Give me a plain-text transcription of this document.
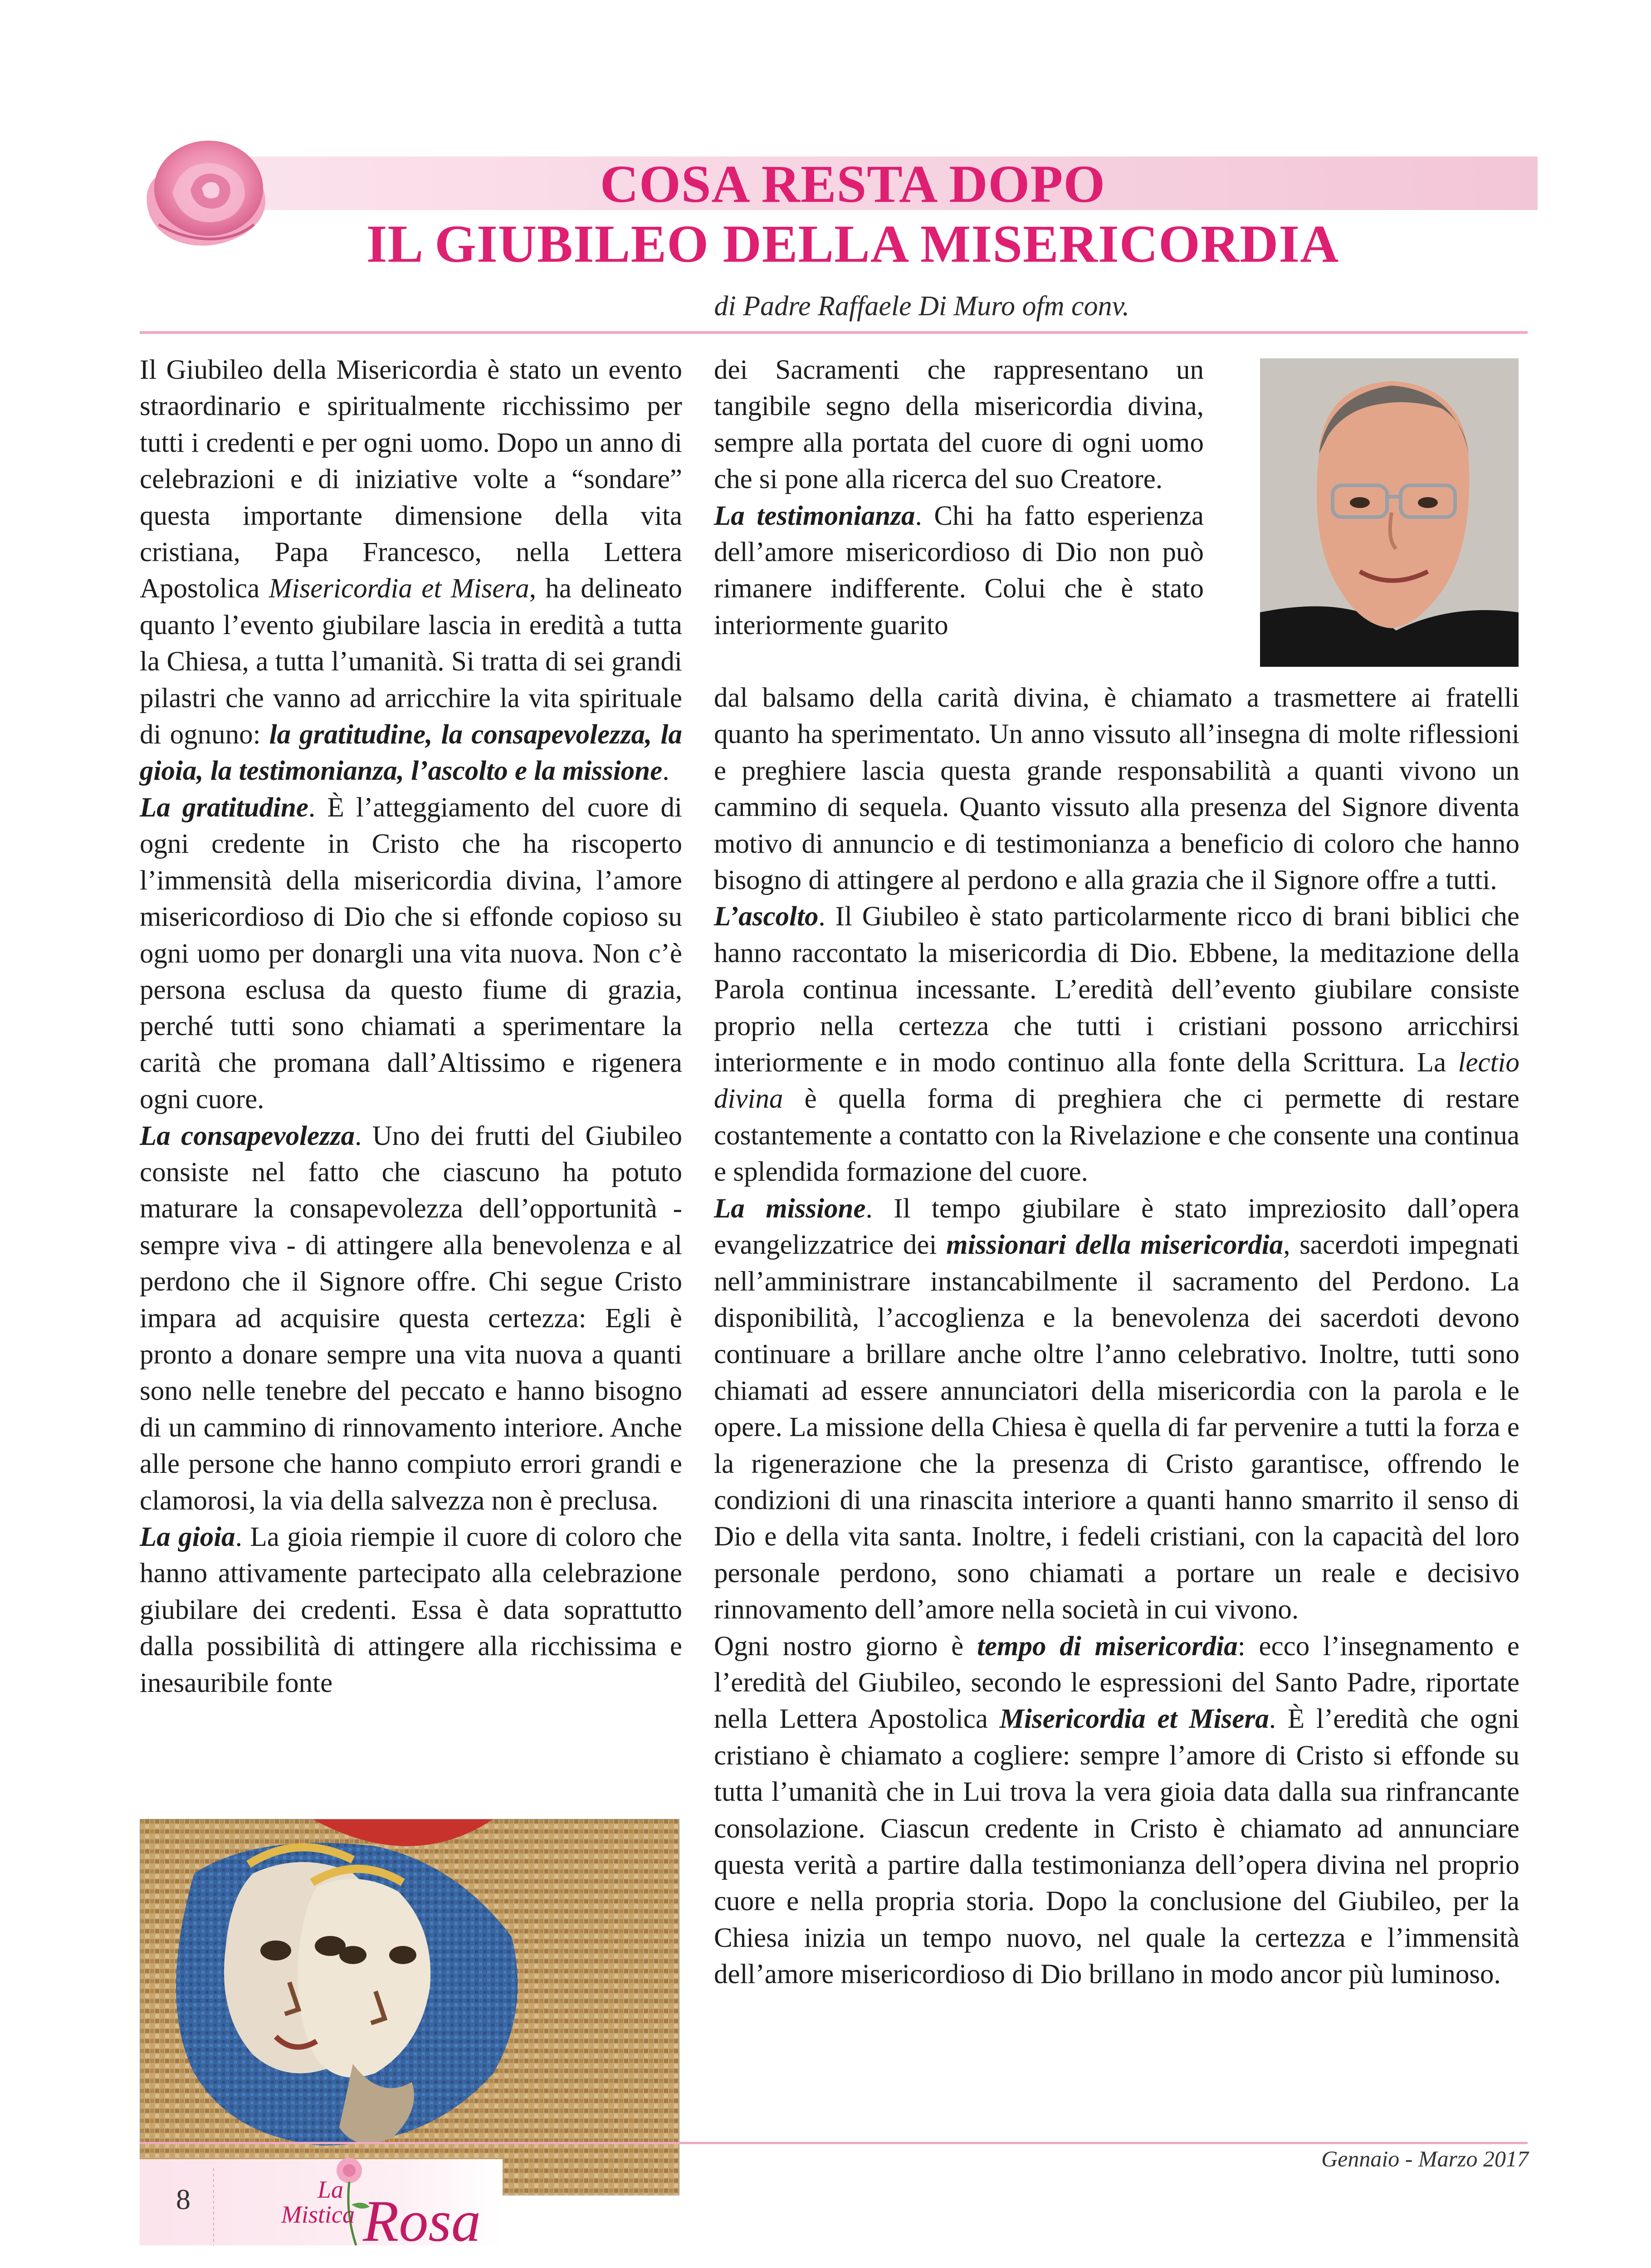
COSA RESTA DOPO
IL GIUBILEO DELLA MISERICORDIA
di Padre Raffaele Di Muro ofm conv.

Il Giubileo della Misericordia è stato un evento straordinario e spiritualmente ricchissimo per tutti i credenti e per ogni uomo. Dopo un anno di celebrazioni e di iniziative volte a “sondare” questa importante dimensione della vita cristiana, Papa Francesco, nella Lettera Apostolica Misericordia et Misera, ha delineato quanto l’evento giubilare lascia in eredità a tutta la Chiesa, a tutta l’umanità. Si tratta di sei grandi pilastri che vanno ad arricchire la vita spirituale di ognuno: la gratitudine, la consapevolezza, la gioia, la testimonianza, l’ascolto e la missione.

La gratitudine. È l’atteggiamento del cuore di ogni credente in Cristo che ha riscoperto l’immensità della misericordia divina, l’amore misericordioso di Dio che si effonde copioso su ogni uomo per donargli una vita nuova. Non c’è persona esclusa da questo fiume di grazia, perché tutti sono chiamati a sperimentare la carità che promana dall’Altissimo e rigenera ogni cuore.

La consapevolezza. Uno dei frutti del Giubileo consiste nel fatto che ciascuno ha potuto maturare la consapevolezza dell’opportunità - sempre viva - di attingere alla benevolenza e al perdono che il Signore offre. Chi segue Cristo impara ad acquisire questa certezza: Egli è pronto a donare sempre una vita nuova a quanti sono nelle tenebre del peccato e hanno bisogno di un cammino di rinnovamento interiore. Anche alle persone che hanno compiuto errori grandi e clamorosi, la via della salvezza non è preclusa.

La gioia. La gioia riempie il cuore di coloro che hanno attivamente partecipato alla celebrazione giubilare dei credenti. Essa è data soprattutto dalla possibilità di attingere alla ricchissima e inesauribile fonte

dei Sacramenti che rappresentano un tangibile segno della misericordia divina, sempre alla portata del cuore di ogni uomo che si pone alla ricerca del suo Creatore.

La testimonianza. Chi ha fatto esperienza dell’amore misericordioso di Dio non può rimanere indifferente. Colui che è stato interiormente guarito

dal balsamo della carità divina, è chiamato a trasmettere ai fratelli quanto ha sperimentato. Un anno vissuto all’insegna di molte riflessioni e preghiere lascia questa grande responsabilità a quanti vivono un cammino di sequela. Quanto vissuto alla presenza del Signore diventa motivo di annuncio e di testimonianza a beneficio di coloro che hanno bisogno di attingere al perdono e alla grazia che il Signore offre a tutti.

L’ascolto. Il Giubileo è stato particolarmente ricco di brani biblici che hanno raccontato la misericordia di Dio. Ebbene, la meditazione della Parola continua incessante. L’eredità dell’evento giubilare consiste proprio nella certezza che tutti i cristiani possono arricchirsi interiormente e in modo continuo alla fonte della Scrittura. La lectio divina è quella forma di preghiera che ci permette di restare costantemente a contatto con la Rivelazione e che consente una continua e splendida formazione del cuore.

La missione. Il tempo giubilare è stato impreziosito dall’opera evangelizzatrice dei missionari della misericordia, sacerdoti impegnati nell’amministrare instancabilmente il sacramento del Perdono. La disponibilità, l’accoglienza e la benevolenza dei sacerdoti devono continuare a brillare anche oltre l’anno celebrativo. Inoltre, tutti sono chiamati ad essere annunciatori della misericordia con la parola e le opere. La missione della Chiesa è quella di far pervenire a tutti la forza e la rigenerazione che la presenza di Cristo garantisce, offrendo le condizioni di una rinascita interiore a quanti hanno smarrito il senso di Dio e della vita santa. Inoltre, i fedeli cristiani, con la capacità del loro personale perdono, sono chiamati a portare un reale e decisivo rinnovamento dell’amore nella società in cui vivono.

Ogni nostro giorno è tempo di misericordia: ecco l’insegnamento e l’eredità del Giubileo, secondo le espressioni del Santo Padre, riportate nella Lettera Apostolica Misericordia et Misera. È l’eredità che ogni cristiano è chiamato a cogliere: sempre l’amore di Cristo si effonde su tutta l’umanità che in Lui trova la vera gioia data dalla sua rinfrancante consolazione. Ciascun credente in Cristo è chiamato ad annunciare questa verità a partire dalla testimonianza dell’opera divina nel proprio cuore e nella propria storia. Dopo la conclusione del Giubileo, per la Chiesa inizia un tempo nuovo, nel quale la certezza e l’immensità dell’amore misericordioso di Dio brillano in modo ancor più luminoso.

8	La
Mistica Rosa
Gennaio - Marzo 2017
